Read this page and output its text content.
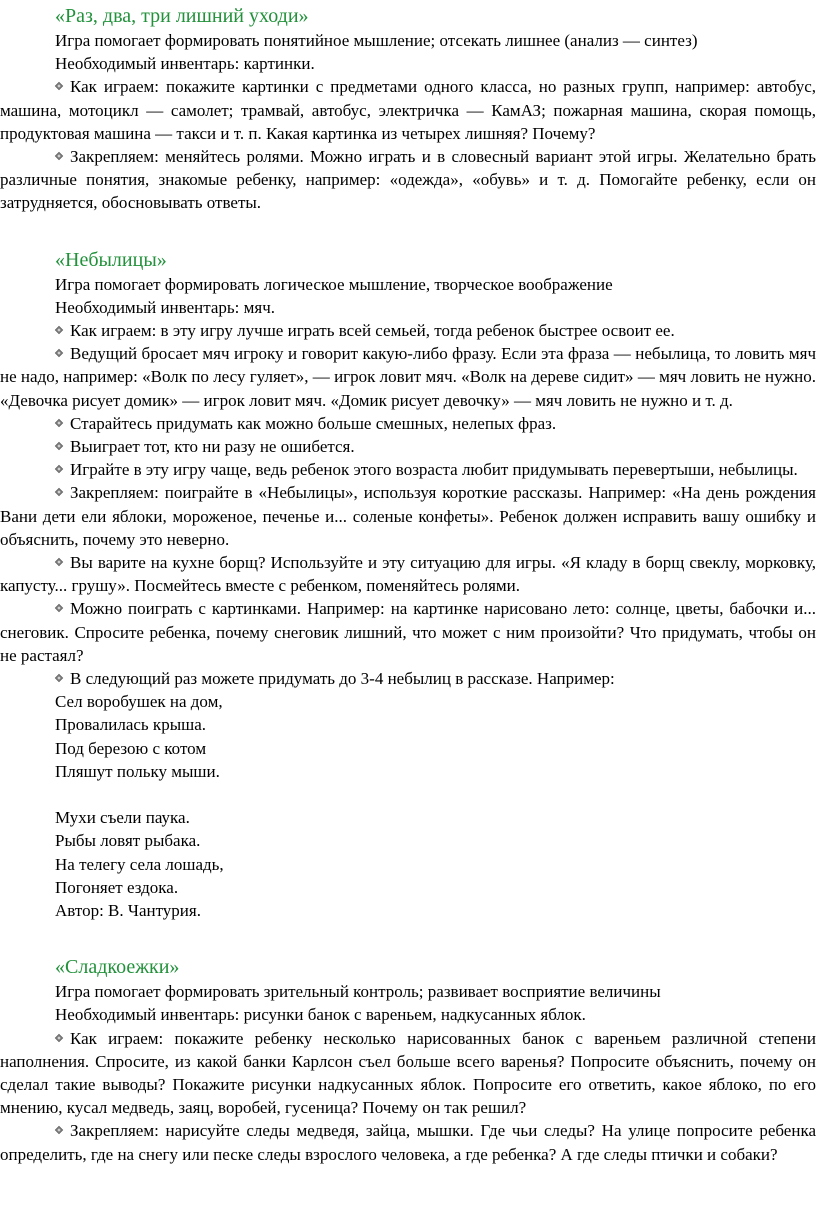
«Раз, два, три лишний уходи»
Игра помогает формировать понятийное мышление; отсекать лишнее (анализ — синтез)
Необходимый инвентарь: картинки.

Как играем: покажите картинки с предметами одного класса, но разных групп, например: автобус, машина, мотоцикл — самолет; трамвай, автобус, электричка — КамАЗ; пожарная машина, скорая помощь, продуктовая машина — такси и т. п. Какая картинка из четырех лишняя? Почему?

Закрепляем: меняйтесь ролями. Можно играть и в словесный вариант этой игры. Желательно брать различные понятия, знакомые ребенку, например: «одежда», «обувь» и т. д. Помогайте ребенку, если он затрудняется, обосновывать ответы.

«Небылицы»
Игра помогает формировать логическое мышление, творческое воображение
Необходимый инвентарь: мяч.

Как играем: в эту игру лучше играть всей семьей, тогда ребенок быстрее освоит ее.

Ведущий бросает мяч игроку и говорит какую-либо фразу. Если эта фраза — небылица, то ловить мяч не надо, например: «Волк по лесу гуляет», — игрок ловит мяч. «Волк на дереве сидит» — мяч ловить не нужно. «Девочка рисует домик» — игрок ловит мяч. «Домик рисует девочку» — мяч ловить не нужно и т. д.

Старайтесь придумать как можно больше смешных, нелепых фраз.

Выиграет тот, кто ни разу не ошибется.

Играйте в эту игру чаще, ведь ребенок этого возраста любит придумывать перевертыши, небылицы.

Закрепляем: поиграйте в «Небылицы», используя короткие рассказы. Например: «На день рождения Вани дети ели яблоки, мороженое, печенье и... соленые конфеты». Ребенок должен исправить вашу ошибку и объяснить, почему это неверно.

Вы варите на кухне борщ? Используйте и эту ситуацию для игры. «Я кладу в борщ свеклу, морковку, капусту... грушу». Посмейтесь вместе с ребенком, поменяйтесь ролями.

Можно поиграть с картинками. Например: на картинке нарисовано лето: солнце, цветы, бабочки и... снеговик. Спросите ребенка, почему снеговик лишний, что может с ним произойти? Что придумать, чтобы он не растаял?

В следующий раз можете придумать до 3-4 небылиц в рассказе. Например:

Сел воробушек на дом,
Провалилась крыша.
Под березою с котом
Пляшут польку мыши.
Мухи съели паука.
Рыбы ловят рыбака.
На телегу села лошадь,
Погоняет ездока.
Автор: В. Чантурия.
«Сладкоежки»
Игра помогает формировать зрительный контроль; развивает восприятие величины
Необходимый инвентарь: рисунки банок с вареньем, надкусанных яблок.

Как играем: покажите ребенку несколько нарисованных банок с вареньем различной степени наполнения. Спросите, из какой банки Карлсон съел больше всего варенья? Попросите объяснить, почему он сделал такие выводы? Покажите рисунки надкусанных яблок. Попросите его ответить, какое яблоко, по его мнению, кусал медведь, заяц, воробей, гусеница? Почему он так решил?

Закрепляем: нарисуйте следы медведя, зайца, мышки. Где чьи следы? На улице попросите ребенка определить, где на снегу или песке следы взрослого человека, а где ребенка? А где следы птички и собаки?
